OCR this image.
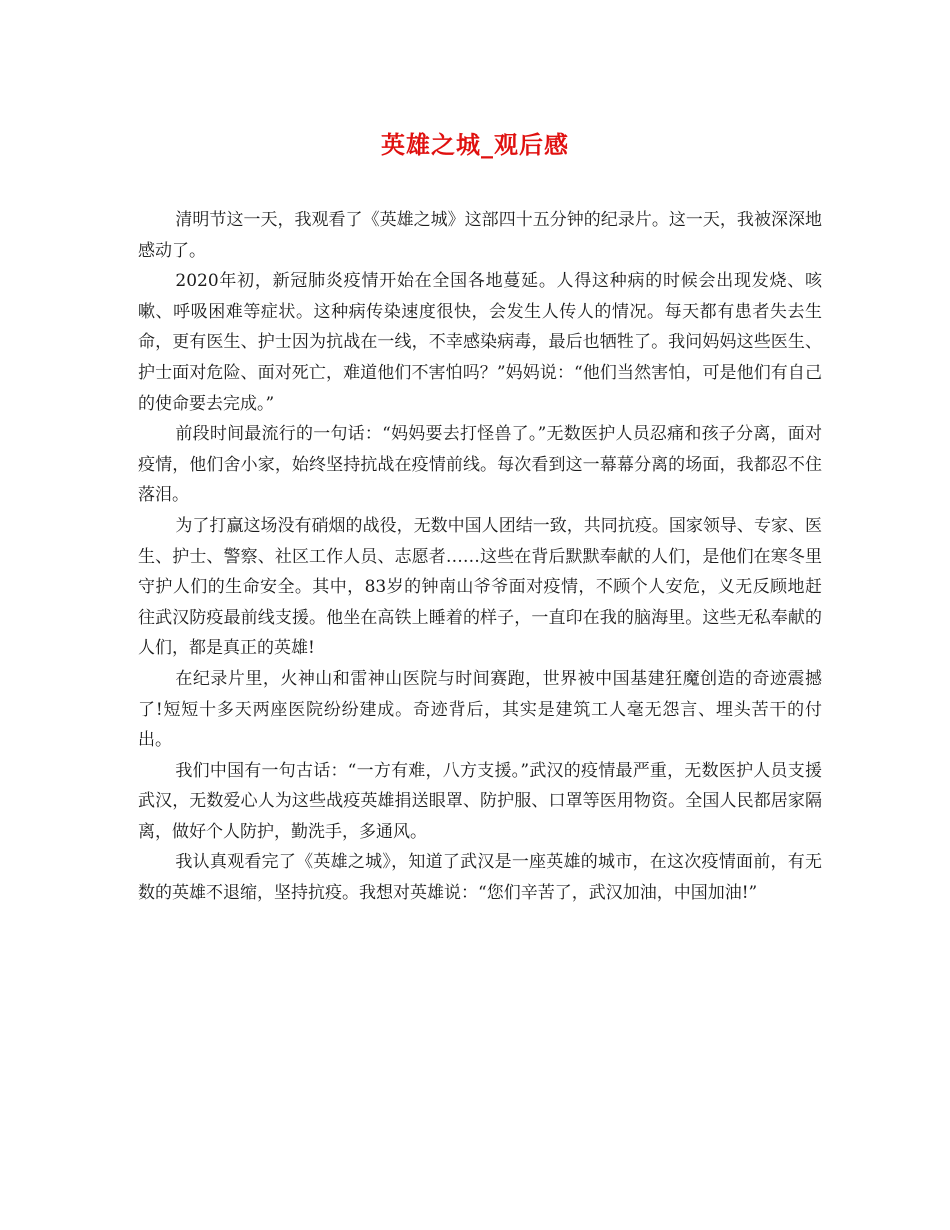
英雄之城_观后感

清明节这一天，我观看了《英雄之城》这部四十五分钟的纪录片。这一天，我被深深地感动了。

2020年初，新冠肺炎疫情开始在全国各地蔓延。人得这种病的时候会出现发烧、咳嗽、呼吸困难等症状。这种病传染速度很快，会发生人传人的情况。每天都有患者失去生命，更有医生、护士因为抗战在一线，不幸感染病毒，最后也牺牲了。我问妈妈这些医生、护士面对危险、面对死亡，难道他们不害怕吗？”妈妈说：“他们当然害怕，可是他们有自己的使命要去完成。”

前段时间最流行的一句话：“妈妈要去打怪兽了。”无数医护人员忍痛和孩子分离，面对疫情，他们舍小家，始终坚持抗战在疫情前线。每次看到这一幕幕分离的场面，我都忍不住落泪。

为了打赢这场没有硝烟的战役，无数中国人团结一致，共同抗疫。国家领导、专家、医生、护士、警察、社区工作人员、志愿者……这些在背后默默奉献的人们，是他们在寒冬里守护人们的生命安全。其中，83岁的钟南山爷爷面对疫情，不顾个人安危，义无反顾地赶往武汉防疫最前线支援。他坐在高铁上睡着的样子，一直印在我的脑海里。这些无私奉献的人们，都是真正的英雄!

在纪录片里，火神山和雷神山医院与时间赛跑，世界被中国基建狂魔创造的奇迹震撼了!短短十多天两座医院纷纷建成。奇迹背后，其实是建筑工人毫无怨言、埋头苦干的付出。

我们中国有一句古话：“一方有难，八方支援。”武汉的疫情最严重，无数医护人员支援武汉，无数爱心人为这些战疫英雄捐送眼罩、防护服、口罩等医用物资。全国人民都居家隔离，做好个人防护，勤洗手，多通风。

我认真观看完了《英雄之城》，知道了武汉是一座英雄的城市，在这次疫情面前，有无数的英雄不退缩，坚持抗疫。我想对英雄说：“您们辛苦了，武汉加油，中国加油!”
